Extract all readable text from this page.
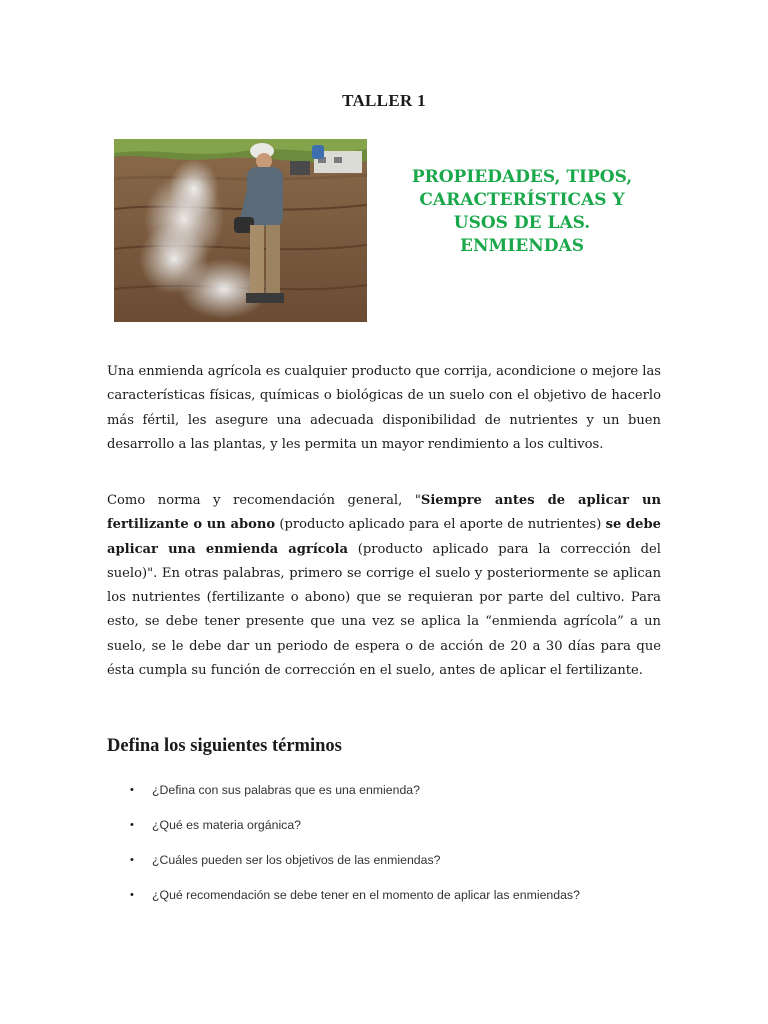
TALLER 1
PROPIEDADES, TIPOS,
CARACTERÍSTICAS Y
USOS DE LAS.
ENMIENDAS

Una enmienda agrícola es cualquier producto que corrija, acondicione o mejore las características físicas, químicas o biológicas de un suelo con el objetivo de hacerlo más fértil, les asegure una adecuada disponibilidad de nutrientes y un buen desarrollo a las plantas, y les permita un mayor rendimiento a los cultivos.

Como norma y recomendación general, "Siempre antes de aplicar un fertilizante o un abono (producto aplicado para el aporte de nutrientes) se debe aplicar una enmienda agrícola (producto aplicado para la corrección del suelo)". En otras palabras, primero se corrige el suelo y posteriormente se aplican los nutrientes (fertilizante o abono) que se requieran por parte del cultivo. Para esto, se debe tener presente que una vez se aplica la “enmienda agrícola” a un suelo, se le debe dar un periodo de espera o de acción de 20 a 30 días para que ésta cumpla su función de corrección en el suelo, antes de aplicar el fertilizante.

Defina los siguientes términos
• ¿Defina con sus palabras que es una enmienda?
• ¿Qué es materia orgánica?
• ¿Cuáles pueden ser los objetivos de las enmiendas?
• ¿Qué recomendación se debe tener en el momento de aplicar las enmiendas?
